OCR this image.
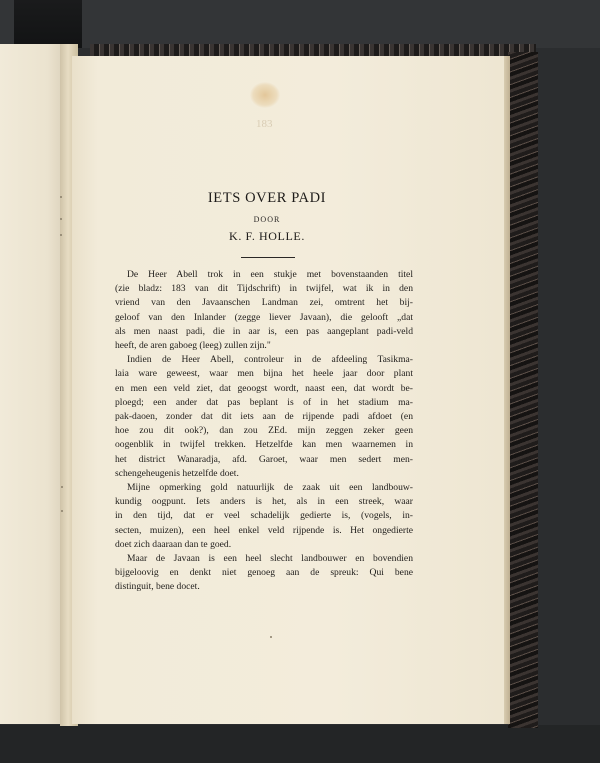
183
IETS OVER PADI
DOOR
K. F. HOLLE.

De Heer Abell trok in een stukje met bovenstaanden titel
(zie bladz: 183 van dit Tijdschrift) in twijfel, wat ik in den
vriend van den Javaanschen Landman zei, omtrent het bij-
geloof van den Inlander (zegge liever Javaan), die gelooft „dat
als men naast padi, die in aar is, een pas aangeplant padi-veld
heeft, de aren gaboeg (leeg) zullen zijn."

Indien de Heer Abell, controleur in de afdeeling Tasikma-
laia ware geweest, waar men bijna het heele jaar door plant
en men een veld ziet, dat geoogst wordt, naast een, dat wordt be-
ploegd; een ander dat pas beplant is of in het stadium ma-
pak-daoen, zonder dat dit iets aan de rijpende padi afdoet (en
hoe zou dit ook?), dan zou ZEd. mijn zeggen zeker geen
oogenblik in twijfel trekken. Hetzelfde kan men waarnemen in
het district Wanaradja, afd. Garoet, waar men sedert men-
schengeheugenis hetzelfde doet.

Mijne opmerking gold natuurlijk de zaak uit een landbouw-
kundig oogpunt. Iets anders is het, als in een streek, waar
in den tijd, dat er veel schadelijk gedierte is, (vogels, in-
secten, muizen), een heel enkel veld rijpende is. Het ongedierte
doet zich daaraan dan te goed.

Maar de Javaan is een heel slecht landbouwer en bovendien
bijgeloovig en denkt niet genoeg aan de spreuk: Qui bene
distinguit, bene docet.
